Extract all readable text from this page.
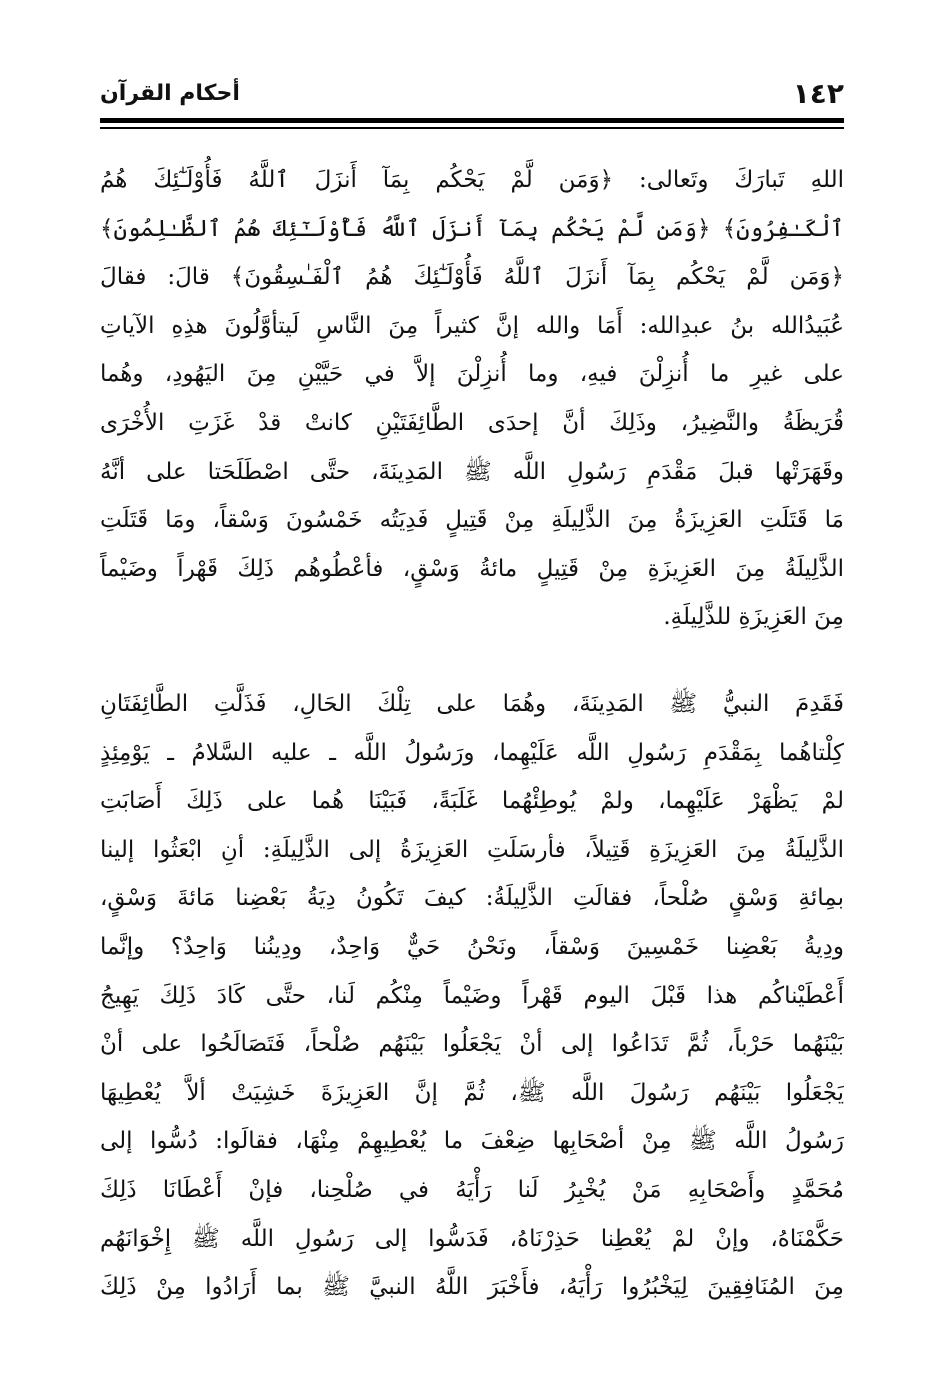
١٤٢
أحكام القرآن
اللهِ تَبارَكَ وتَعالى: ﴿وَمَن لَّمْ يَحْكُم بِمَآ أَنزَلَ ٱللَّهُ فَأُوْلَـٰٓئِكَ هُمُ
ٱلْكَـٰفِرُونَ﴾ ﴿وَمَن لَّمْ يَحْكُم بِمَآ أَنزَلَ ٱللَّهُ فَأُوْلَـٰٓئِكَ هُمُ ٱلظَّـٰلِمُونَ﴾
﴿وَمَن لَّمْ يَحْكُم بِمَآ أَنزَلَ ٱللَّهُ فَأُوْلَـٰٓئِكَ هُمُ ٱلْفَـٰسِقُونَ﴾ قالَ: فقالَ
عُبَيدُالله بنُ عبدِالله: أَمَا والله إنَّ كثيراً مِنَ النَّاسِ لَيتأوَّلُونَ هذِهِ الآياتِ
على غيرِ ما أُنزِلْنَ فيهِ، وما أُنزِلْنَ إلاَّ في حَيَّيْنِ مِنَ اليَهُودِ، وهُما
قُرَيظَةُ والنَّضِيرُ، وذَلِكَ أنَّ إحدَى الطَّائِفَتَيْنِ كانتْ قدْ غَزَتِ الأُخْرَى
وقَهَرَتْها قبلَ مَقْدَمِ رَسُولِ اللَّه ﷺ المَدِينَةَ، حتَّى اصْطَلَحَتا على أنَّهُ
مَا قَتَلَتِ العَزِيزَةُ مِنَ الذَّلِيلَةِ مِنْ قَتِيلٍ فَدِيَتُه خَمْسُونَ وَسْقاً، ومَا قَتَلَتِ
الذَّلِيلَةُ مِنَ العَزِيزَةِ مِنْ قَتِيلٍ مائةُ وَسْقٍ، فأعْطُوهُم ذَلِكَ قَهْراً وضَيْماً
مِنَ العَزِيزَةِ للذَّلِيلَةِ.
فَقَدِمَ النبيُّ ﷺ المَدِينَةَ، وهُمَا على تِلْكَ الحَالِ، فَذَلَّتِ الطَّائِفَتَانِ
كِلْتاهُما بِمَقْدَمِ رَسُولِ اللَّه عَلَيْهِما، ورَسُولُ اللَّه ـ عليه السَّلامُ ـ يَوْمِئِذٍ
لمْ يَظْهَرْ عَلَيْهِما، ولمْ يُوطِئْهُما غَلَبَةً، فَبَيْنَا هُما على ذَلِكَ أَصَابَتِ
الذَّلِيلَةُ مِنَ العَزِيزَةِ قَتِيلاً، فأرسَلَتِ العَزِيزَةُ إلى الذَّلِيلَةِ: أنِ ابْعَثُوا إلينا
بمِائةِ وَسْقٍ صُلْحاً، فقالَتِ الذَّلِيلَةُ: كيفَ تَكُونُ دِيَةُ بَعْضِنا مَائةَ وَسْقٍ،
ودِيةُ بَعْضِنا خَمْسِينَ وَسْقاً، ونَحْنُ حَيٌّ وَاحِدٌ، ودِينُنا وَاحِدٌ؟ وإنَّما
أَعْطَيْناكُم هذا قَبْلَ اليوم قَهْراً وضَيْماً مِنْكُم لَنا، حتَّى كَادَ ذَلِكَ يَهِيجُ
بَيْنَهُما حَرْباً، ثُمَّ تَدَاعُوا إلى أنْ يَجْعَلُوا بَيْنَهُم صُلْحاً، فَتَصَالَحُوا على أنْ
يَجْعَلُوا بَيْنَهُم رَسُولَ اللَّه ﷺ، ثُمَّ إنَّ العَزِيزَةَ خَشِيَتْ ألاَّ يُعْطِيهَا
رَسُولُ اللَّه ﷺ مِنْ أصْحَابِها ضِعْفَ ما يُعْطِيهِمْ مِنْهَا، فقالَوا: دُسُّوا إلى
مُحَمَّدٍ وأَصْحَابِهِ مَنْ يُخْبِرُ لَنا رَأْيَهُ في صُلْحِنا، فإنْ أَعْطَانَا ذَلِكَ
حَكَّمْنَاهُ، وإنْ لمْ يُعْطِنا حَذِرْنَاهُ، فَدَسُّوا إلى رَسُولِ اللَّه ﷺ إِخْوَانَهُم
مِنَ المُنَافِقِينَ لِيَخْبُرُوا رَأْيَهُ، فأَخْبَرَ اللَّهُ النبيَّ ﷺ بما أَرَادُوا مِنْ ذَلِكَ
